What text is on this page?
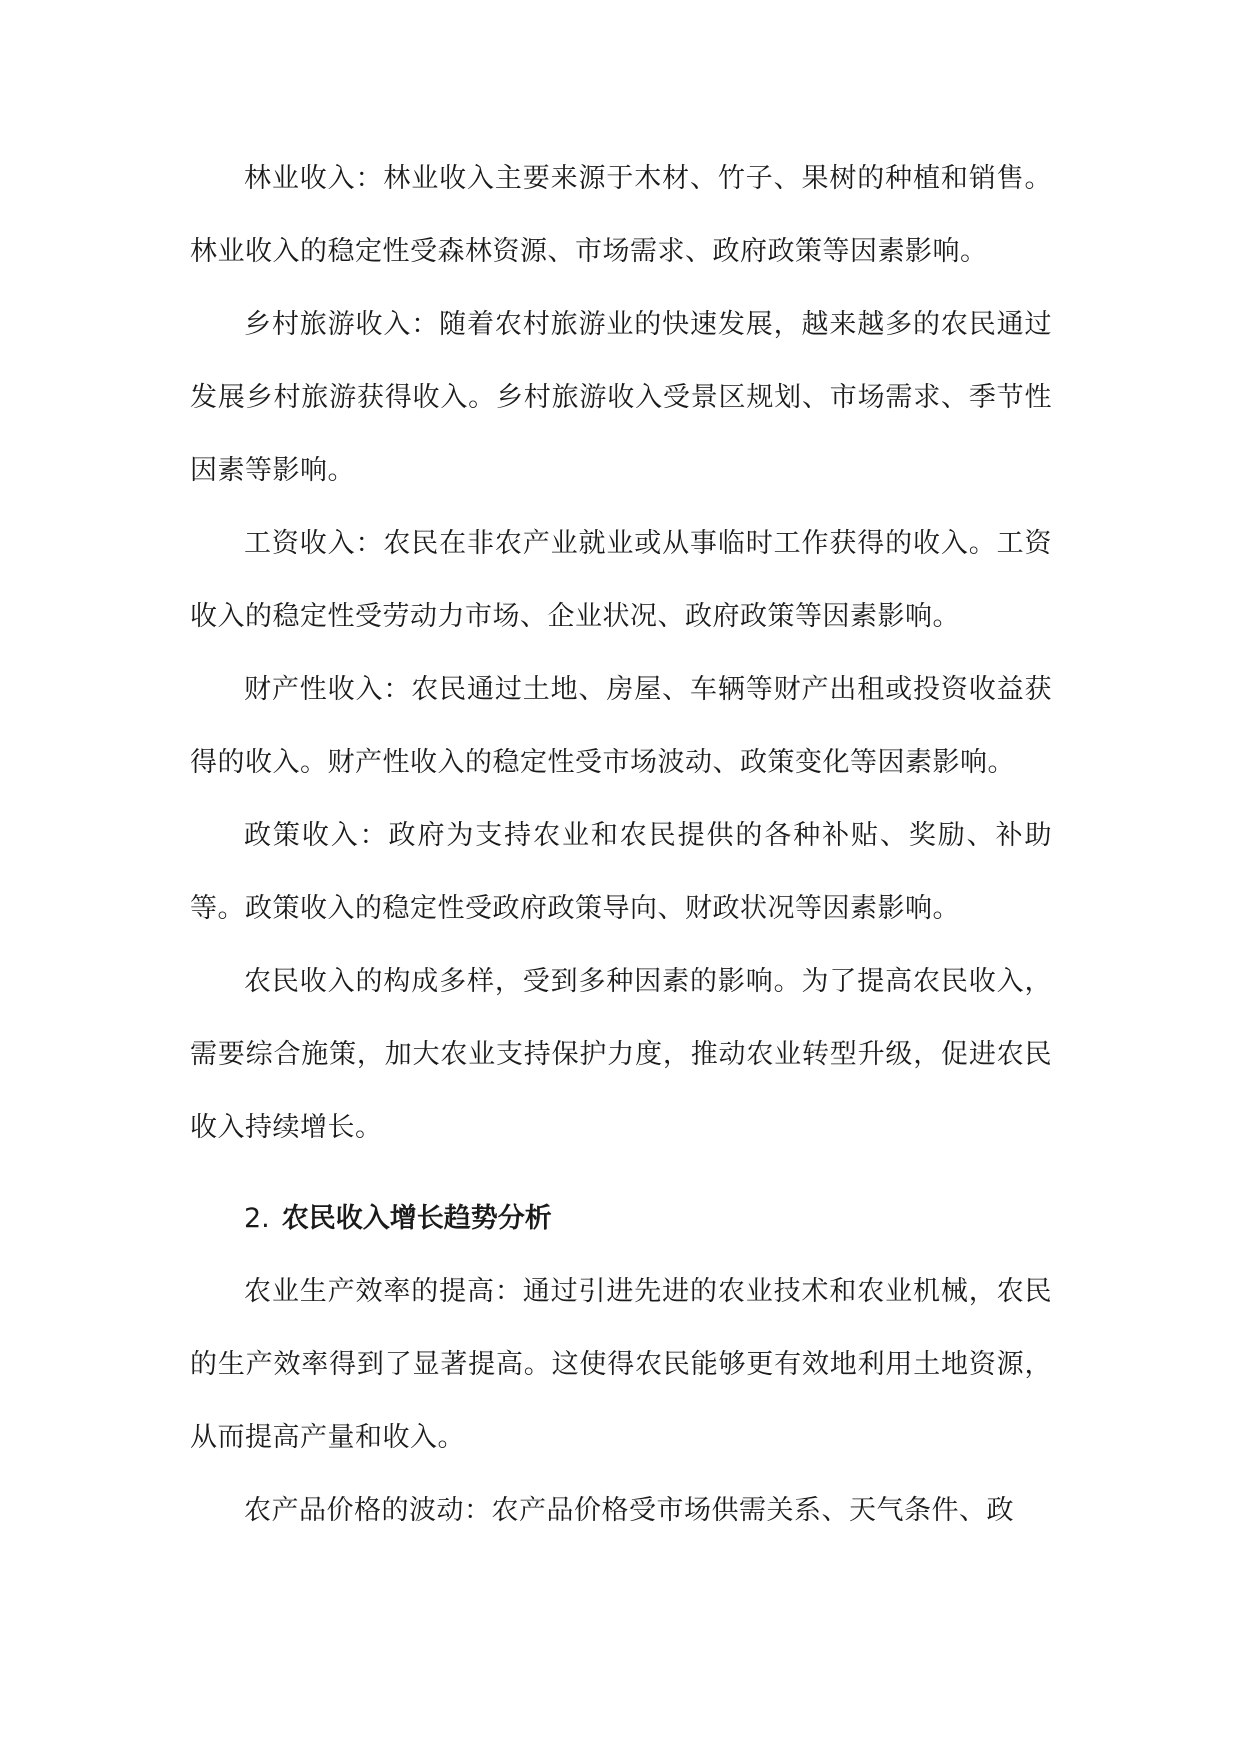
林业收入：林业收入主要来源于木材、竹子、果树的种植和销售。林业收入的稳定性受森林资源、市场需求、政府政策等因素影响。

乡村旅游收入：随着农村旅游业的快速发展，越来越多的农民通过发展乡村旅游获得收入。乡村旅游收入受景区规划、市场需求、季节性因素等影响。

工资收入：农民在非农产业就业或从事临时工作获得的收入。工资收入的稳定性受劳动力市场、企业状况、政府政策等因素影响。

财产性收入：农民通过土地、房屋、车辆等财产出租或投资收益获得的收入。财产性收入的稳定性受市场波动、政策变化等因素影响。

政策收入：政府为支持农业和农民提供的各种补贴、奖励、补助等。政策收入的稳定性受政府政策导向、财政状况等因素影响。

农民收入的构成多样，受到多种因素的影响。为了提高农民收入，需要综合施策，加大农业支持保护力度，推动农业转型升级，促进农民收入持续增长。

2. 农民收入增长趋势分析

农业生产效率的提高：通过引进先进的农业技术和农业机械，农民的生产效率得到了显著提高。这使得农民能够更有效地利用土地资源，从而提高产量和收入。

农产品价格的波动：农产品价格受市场供需关系、天气条件、政
